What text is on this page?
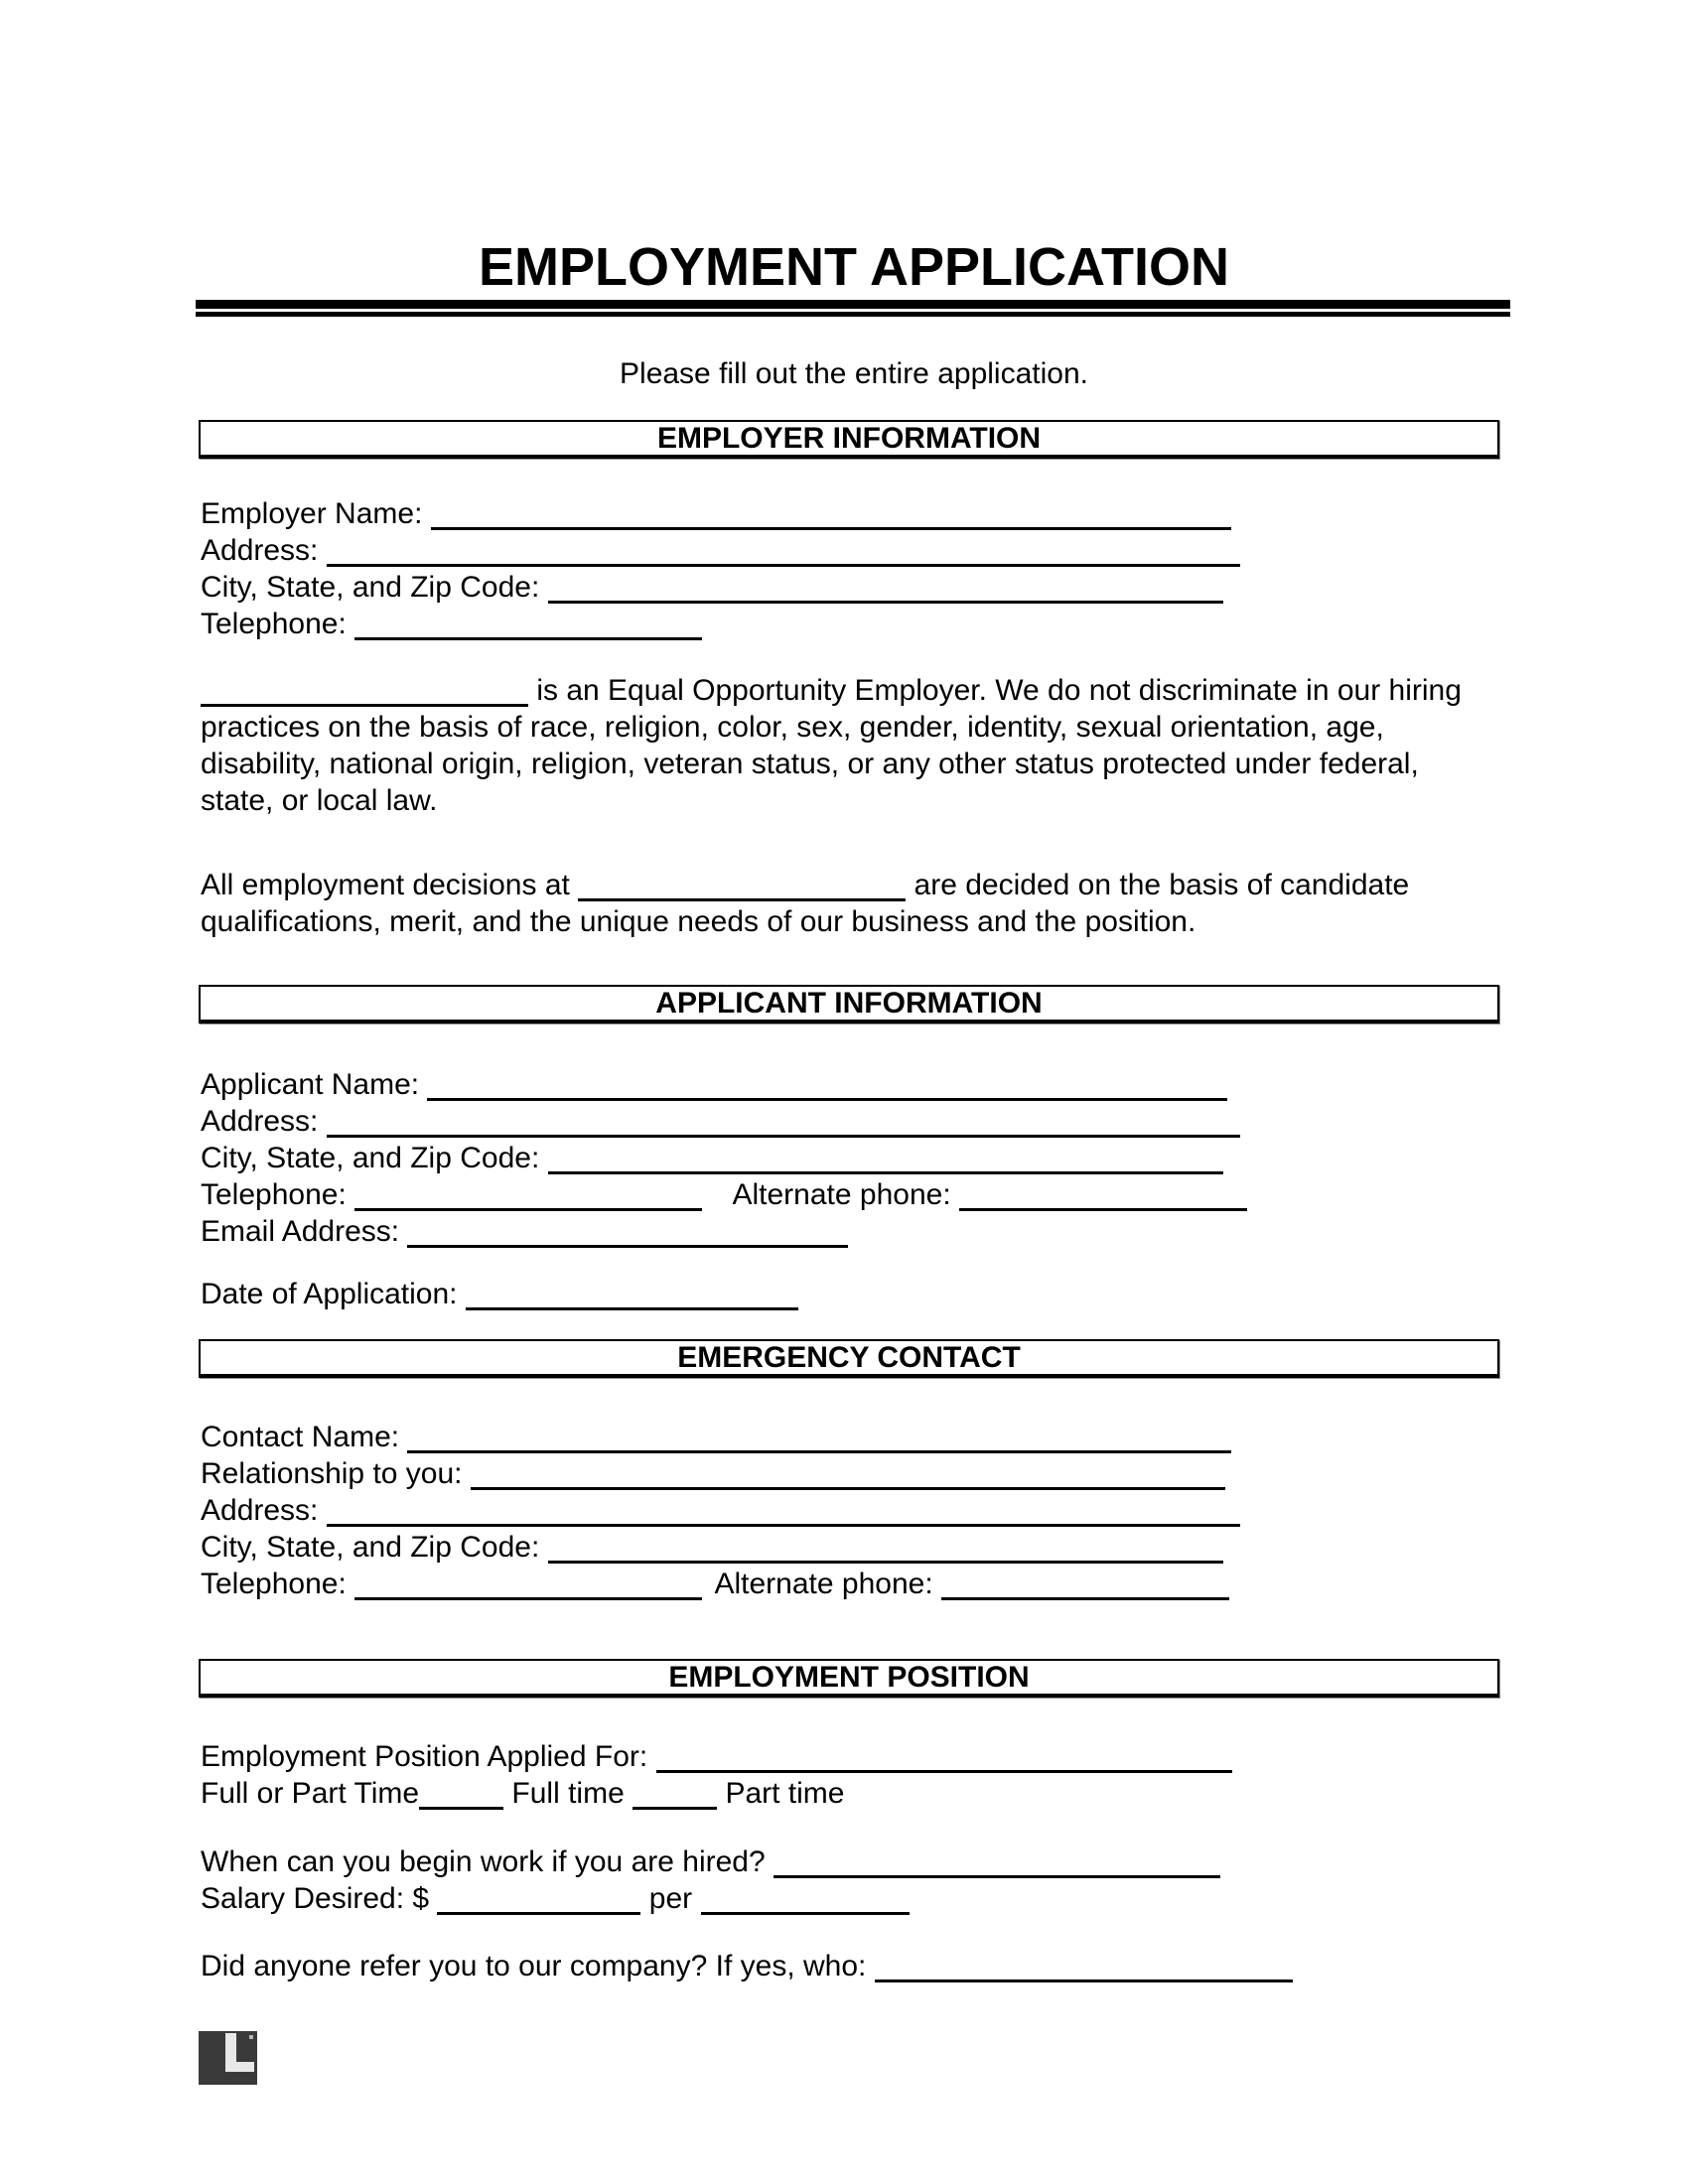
EMPLOYMENT APPLICATION
Please fill out the entire application.
EMPLOYER INFORMATION
Employer Name:
Address:
City, State, and Zip Code:
Telephone:
is an Equal Opportunity Employer. We do not discriminate in our hiring
practices on the basis of race, religion, color, sex, gender, identity, sexual orientation, age,
disability, national origin, religion, veteran status, or any other status protected under federal,
state, or local law.
All employment decisions at	are decided on the basis of candidate
qualifications, merit, and the unique needs of our business and the position.
APPLICANT INFORMATION
Applicant Name:
Address:
City, State, and Zip Code:
Telephone:	Alternate phone:
Email Address:
Date of Application:
EMERGENCY CONTACT
Contact Name:
Relationship to you:
Address:
City, State, and Zip Code:
Telephone:	Alternate phone:
EMPLOYMENT POSITION
Employment Position Applied For:
Full or Part Time	Full time	Part time
When can you begin work if you are hired?
Salary Desired: $	per
Did anyone refer you to our company? If yes, who:
